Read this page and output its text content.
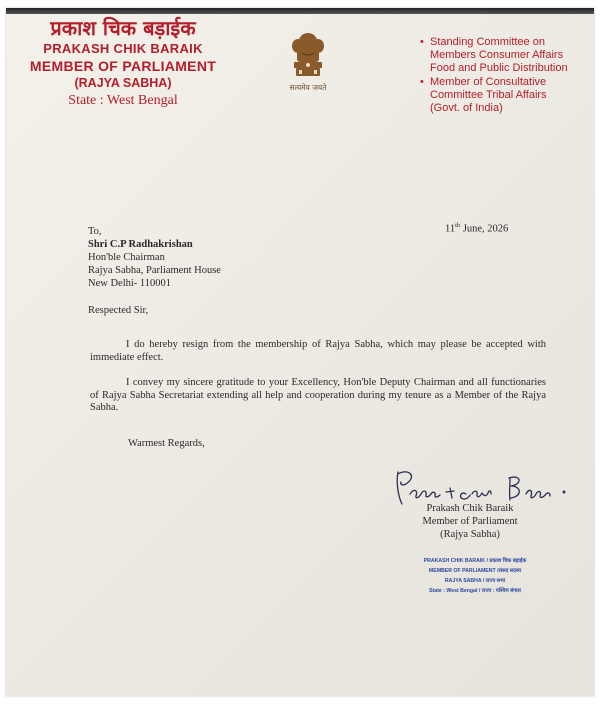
प्रकाश चिक बड़ाईक
PRAKASH CHIK BARAIK
MEMBER OF PARLIAMENT
(RAJYA SABHA)
State : West Bengal
सत्यमेव जयते
• Standing Committee on
Members Consumer Affairs
Food and Public Distribution
• Member of Consultative
Committee Tribal Affairs
(Govt. of India)
11th June, 2026
To,
Shri C.P Radhakrishan
Hon'ble Chairman
Rajya Sabha, Parliament House
New Delhi- 110001
Respected Sir,
I do hereby resign from the membership of Rajya Sabha, which may please be accepted with immediate effect.
I convey my sincere gratitude to your Excellency, Hon'ble Deputy Chairman and all functionaries of Rajya Sabha Secretariat extending all help and cooperation during my tenure as a Member of the Rajya Sabha.
Warmest Regards,
Prakash Chik Baraik
Member of Parliament
(Rajya Sabha)
PRAKASH CHIK BARAIK / प्रकाश चिक बड़ाईक
MEMBER OF PARLIAMENT /संसद सदस्य
RAJYA SABHA / राज्य सभा
State : West Bengal / राज्य : पश्चिम बंगाल
